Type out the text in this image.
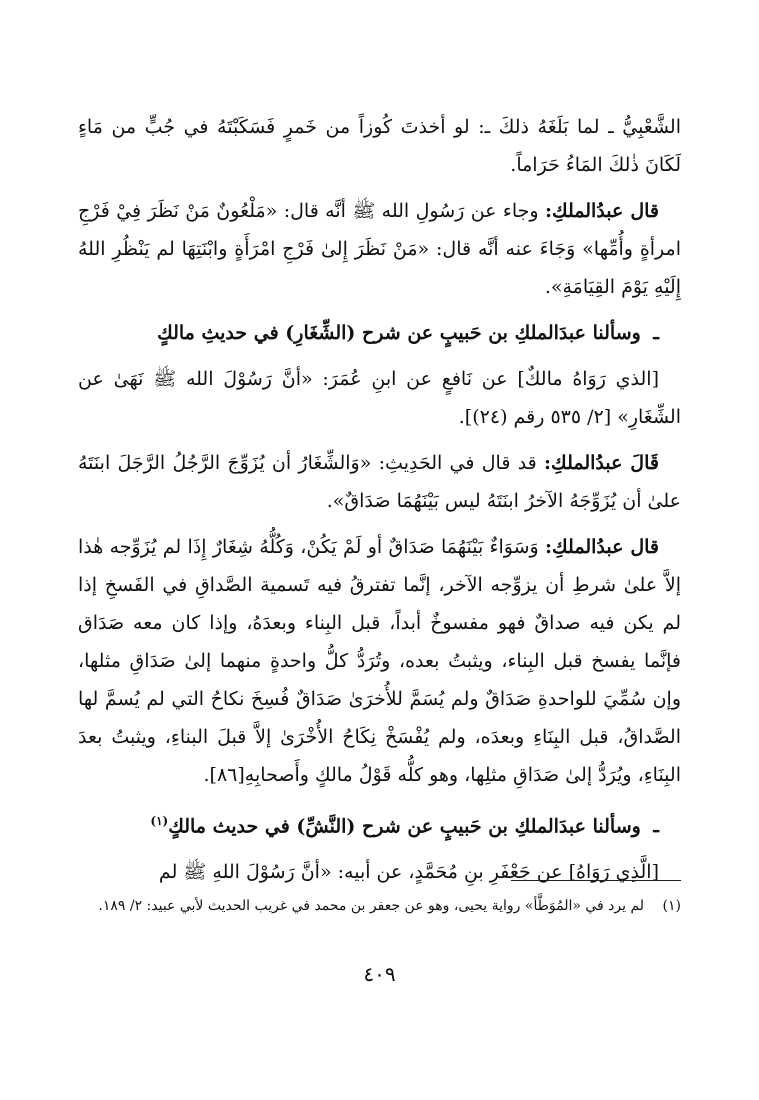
الشَّعْبِيُّ ـ لما بَلَغَهُ ذلكَ ـ: لو أخذتَ كُوزاً من خَمرٍ فَسَكَبْتَهُ في جُبٍّ من مَاءٍ لَكَانَ ذٰلكَ المَاءُ حَرَاماً.

قال عبدُالملكِ: وجاء عن رَسُولِ الله ﷺ أنَّه قال: «مَلْعُونٌ مَنْ نَظَرَ فِيْ فَرْجِ امرأةٍ وأُمِّها» وَجَاءَ عنه أنَّه قال: «مَنْ نَظَرَ إِلىٰ فَرْجِ امْرَأَةٍ وابْنَتِهَا لم يَنْظُرِ اللهُ إِلَيْهِ يَوْمَ القِيَامَةِ».

ـ وسألنا عبدَالملكِ بن حَبيبٍ عن شرح (الشِّغَارِ) في حديثِ مالكٍ

[الذي رَوَاهُ مالكٌ] عن نَافعٍ عن ابنِ عُمَرَ: «أنَّ رَسُوْلَ الله ﷺ نَهَىٰ عن الشِّغَارِ» [٢/ ٥٣٥ رقم (٢٤)].

قَالَ عبدُالملكِ: قد قال في الحَدِيثِ: «وَالشِّغَارُ أن يُزَوِّجَ الرَّجُلُ الرَّجَلَ ابنَتَهُ علىٰ أن يُزَوِّجَهُ الآخرُ ابنَتَهُ ليس بَيْنَهُمَا صَدَاقٌ».

قال عبدُالملكِ: وَسَوَاءٌ بَيْنَهُمَا صَدَاقٌ أو لَمْ يَكُنْ، وَكُلُّهُ شِغَارٌ إِذَا لم يُزَوِّجه هٰذا إلاَّ علىٰ شرطِ أن يزوِّجه الآخر، إنَّما تفترقُ فيه تَسمية الصَّداقِ في الفَسخِ إذا لم يكن فيه صداقٌ فهو مفسوخٌ أبداً، قبل البِناء وبعدَهُ، وإذا كان معه صَدَاق فإنَّما يفسخ قبل البِناء، ويثبتُ بعده، وتُرَدُّ كلُّ واحدةٍ منهما إلىٰ صَدَاقِ مثلها، وإن سُمِّيَ للواحدةِ صَدَاقٌ ولم يُسَمَّ للأُخرَىٰ صَدَاقٌ فُسِخَ نكاحُ التي لم يُسمَّ لها الصَّداقُ، قبل البِنَاءِ وبعدَه، ولم يُفْسَخْ نِكَاحُ الأُخْرَىٰ إلاَّ قبلَ البناءِ، ويثبتُ بعدَ البِنَاءِ، ويُرَدُّ إلىٰ صَدَاقِ مثلِها، وهو كلُّه قَوْلُ مالكٍ وأَصحابِهِ[٨٦].

ـ وسألنا عبدَالملكِ بن حَبيبٍ عن شرح (النَّشِّ) في حديث مالكٍ$^{(١)}$

[الَّذِي رَوَاهُ] عن جَعْفَرِ بنِ مُحَمَّدٍ، عن أبيه: «أنَّ رَسُوْلَ اللهِ ﷺ لم

(١) لم يرد في «المُوَطَّأ» رواية يحيى، وهو عن جعفر بن محمد في غريب الحديث لأبي عبيد: ٢/ ١٨٩.
٤٠٩
